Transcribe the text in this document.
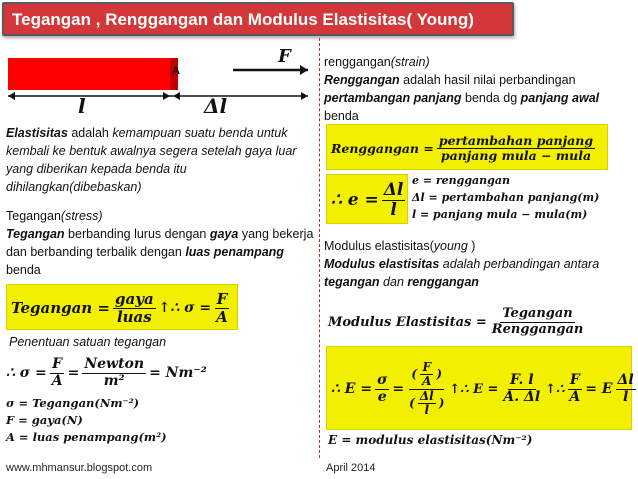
Tegangan , Renggangan dan Modulus Elastisitas( Young)
A
F
l	Δl
Elastisitas adalah kemampuan suatu benda untuk kembali ke bentuk awalnya segera setelah gaya luar yang diberikan kepada benda itu dihilangkan(dibebaskan)
Tegangan(stress)
Tegangan berbanding lurus dengan gaya yang bekerja dan berbanding terbalik dengan luas penampang benda
Tegangan = $\frac{\text{gaya}}{\text{luas}}$ ↑∴ $\sigma = \frac{F}{A}$
Penentuan satuan tegangan
∴ $\sigma = \frac{F}{A} = \frac{\text{Newton}}{\text{m²}} = Nm^{-2}$
σ = Tegangan(Nm⁻²)
F = gaya(N)
A = luas penampang(m²)
renggangan(strain)
Renggangan adalah hasil nilai perbandingan pertambangan panjang benda dg panjang awal benda
Renggangan = $\frac{\text{pertambahan panjang}}{\text{panjang mula − mula}}$
∴ $e = \frac{\Delta l}{l}$
e = renggangan
Δl = pertambahan panjang(m)
l = panjang mula − mula(m)
Modulus elastisitas(young )
Modulus elastisitas adalah perbandingan antara tegangan dan renggangan
Modulus Elastisitas = $\frac{\text{Tegangan}}{\text{Renggangan}}$
∴ $E = \frac{\sigma}{e} = \frac{( \frac{F}{A} )}{( \frac{\Delta l}{l} )}$ ↑∴ $E = \frac{F. l}{A. \Delta l}$ ↑∴ $\frac{F}{A} = E \frac{\Delta l}{l}$
E = modulus elastisitas(Nm⁻²)
www.mhmansur.blogspot.com	April 2014
